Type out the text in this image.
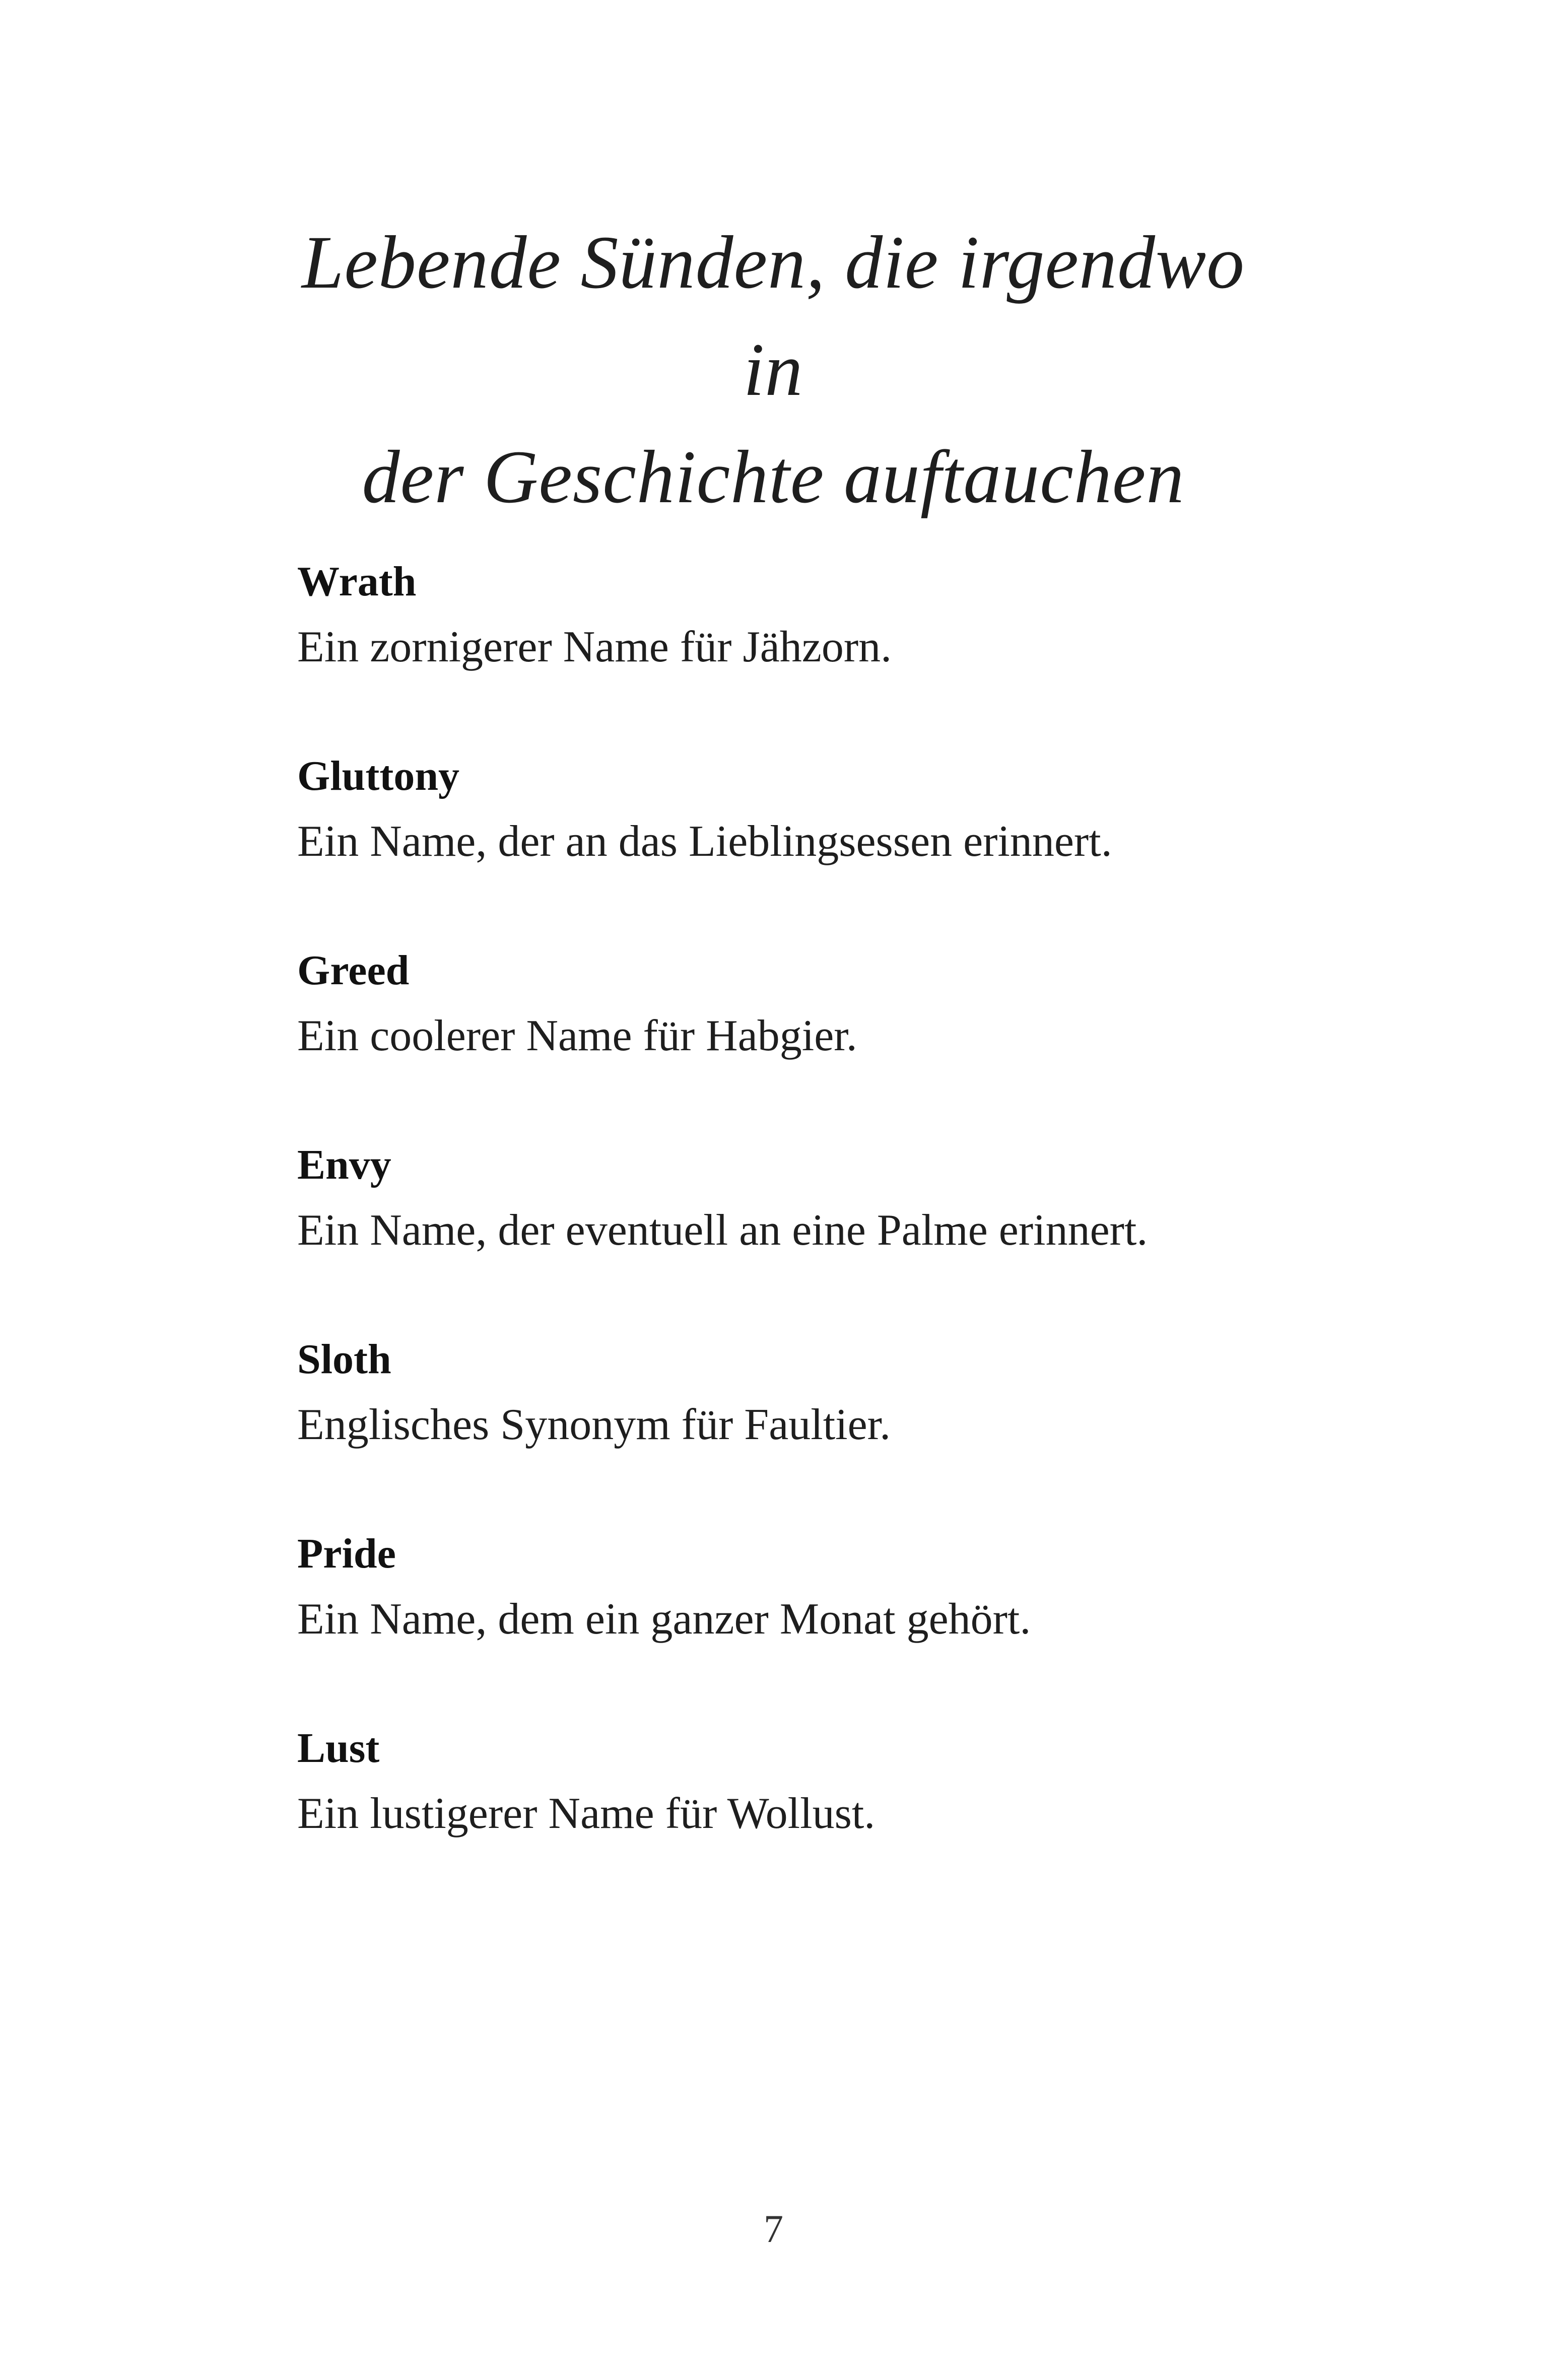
Lebende Sünden, die irgendwo in
der Geschichte auftauchen
Wrath
Ein zornigerer Name für Jähzorn.
Gluttony
Ein Name, der an das Lieblingsessen erinnert.
Greed
Ein coolerer Name für Habgier.
Envy
Ein Name, der eventuell an eine Palme erinnert.
Sloth
Englisches Synonym für Faultier.
Pride
Ein Name, dem ein ganzer Monat gehört.
Lust
Ein lustigerer Name für Wollust.
7
